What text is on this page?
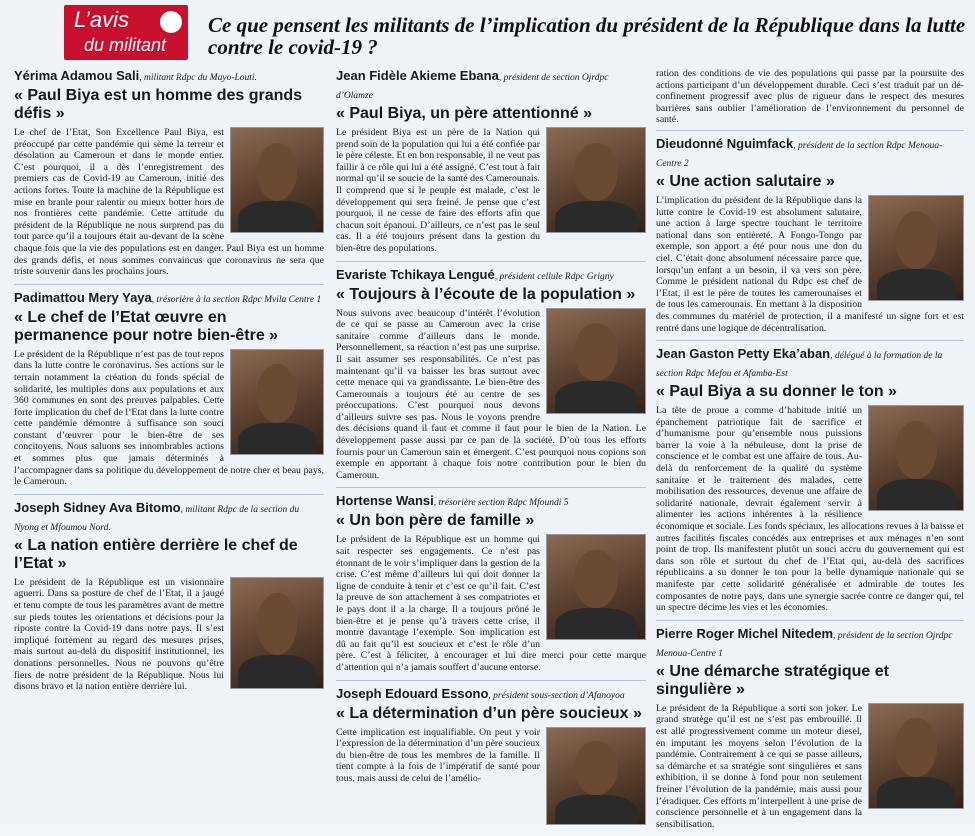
L’avis
du militant
Ce que pensent les militants de l’implication du président de la République dans la lutte contre le covid-19 ?
Yérima Adamou Sali, militant Rdpc du Mayo-Louti.
« Paul Biya est un homme des grands défis »
Le chef de l’Etat, Son Excellence Paul Biya, est préoccupé par cette pandémie qui sème la terreur et désolation au Cameroun et dans le monde entier. C’est pourquoi, il a dès l’enregistrement des premiers cas de Covid-19 au Cameroun, initié des actions fortes. Toute la machine de la République est mise en branle pour ralentir ou mieux botter hors de nos frontières cette pandémie. Cette attitude du président de la République ne nous surprend pas du tout parce qu’il a toujours était au-devant de la scène chaque fois que la vie des populations est en danger. Paul Biya est un homme des grands défis, et nous sommes convaincus que coronavirus ne sera que triste souvenir dans les prochains jours.
Padimattou Mery Yaya, trésorière à la section Rdpc Mvila Centre 1
« Le chef de l’Etat œuvre en permanence pour notre bien-être »
Le président de la République n’est pas de tout repos dans la lutte contre le coronavirus. Ses actions sur le terrain notamment la création du fonds spécial de solidarité, les multiples dons aux populations et aux 360 communes en sont des preuves palpables. Cette forte implication du chef de l’Etat dans la lutte contre cette pandémie démontre à suffisance son souci constant d’œuvrer pour le bien-être de ses concitoyens. Nous saluons ses innombrables actions et sommes plus que jamais déterminés à l’accompagner dans sa politique du développement de notre cher et beau pays, le Cameroun.
Joseph Sidney Ava Bitomo, militant Rdpc de la section du Nyong et Mfoumou Nord.
« La nation entière derrière le chef de l’Etat »
Le président de la République est un visionnaire aguerri. Dans sa posture de chef de l’Etat, il a jaugé et tenu compte de tous les paramètres avant de mettre sur pieds toutes les orientations et décisions pour la riposte contre la Covid-19 dans notre pays. Il s’est impliqué fortement au regard des mesures prises, mais surtout au-delà du dispositif institutionnel, les donations personnelles. Nous ne pouvons qu’être fiers de notre président de la République. Nous lui disons bravo et la nation entière derrière lui.
Jean Fidèle Akieme Ebana, président de section Ojrdpc d’Olamze
« Paul Biya, un père attentionné »
Le président Biya est un père de la Nation qui prend soin de la population qui lui a été confiée par le père céleste. Et en bon responsable, il ne veut pas faillir à ce rôle qui lui a été assigné. C’est tout à fait normal qu’il se soucie de la santé des Camerounais. Il comprend que si le peuple est malade, c’est le développement qui sera freiné. Je pense que c’est pourquoi, il ne cesse de faire des efforts afin que chacun soit épanoui. D’ailleurs, ce n’est pas le seul cas. Il a été toujours présent dans la gestion du bien-être des populations.
Evariste Tchikaya Lengué, président cellule Rdpc Grigny
« Toujours à l’écoute de la population »
Nous suivons avec beaucoup d’intérêt l’évolution de ce qui se passe au Cameroun avec la crise sanitaire comme d’ailleurs dans le monde. Personnellement, sa réaction n’est pas une surprise. Il sait assumer ses responsabilités. Ce n’est pas maintenant qu’il va baisser les bras surtout avec cette menace qui va grandissante. Le bien-être des Camerounais a toujours été au centre de ses préoccupations. C’est pourquoi nous devons d’ailleurs suivre ses pas. Nous le voyons prendre des décisions quand il faut et comme il faut pour le bien de la Nation. Le développement passe aussi par ce pan de la société. D’où tous les efforts fournis pour un Cameroun sain et émergent. C’est pourquoi nous copions son exemple en apportant à chaque fois notre contribution pour le bien du Cameroun.
Hortense Wansi, trésorière section Rdpc Mfoundi 5
« Un bon père de famille »
Le président de la République est un homme qui sait respecter ses engagements. Ce n’est pas étonnant de le voir s’impliquer dans la gestion de la crise. C’est même d’ailleurs lui qui doit donner la ligne de conduite à tenir et c’est ce qu’il fait. C’est la preuve de son attachement à ses compatriotes et le pays dont il a la charge. Il a toujours prôné le bien-être et je pense qu’à travers cette crise, il montre davantage l’exemple. Son implication est dû au fait qu’il est soucieux et c’est le rôle d’un père. C’est à féliciter, à encourager et lui dire merci pour cette marque d’attention qui n’a jamais souffert d’aucune entorse.
Joseph Edouard Essono, président sous-section d’Afanoyoa
« La détermination d’un père soucieux »
Cette implication est inqualifiable. On peut y voir l’expression de la détermination d’un père soucieux du bien-être de tous les membres de la famille. Il tient compte à la fois de l’impératif de santé pour tous, mais aussi de celui de l’amélio-
ration des conditions de vie des populations qui passe par la poursuite des actions participant d’un développement durable. Ceci s’est traduit par un dé-confinement progressif avec plus de rigueur dans le respect des mesures barrières sans oublier l’amélioration de l’environnement du personnel de santé.
Dieudonné Nguimfack, président de la section Rdpc Menoua-Centre 2
« Une action salutaire »
L’implication du président de la République dans la lutte contre le Covid-19 est absolument salutaire, une action à large spectre touchant le territoire national dans son entièreté. A Fongo-Tongo par exemple, son apport a été pour nous une don du ciel. C’était donc absolument nécessaire parce que, lorsqu’un enfant a un besoin, il va vers son père. Comme le président national du Rdpc est chef de l’Etat, il est le père de toutes les camerounaises et de tous les camerounais. En mettant à la disposition des communes du matériel de protection, il a manifesté un signe fort et est rentré dans une logique de décentralisation.
Jean Gaston Petty Eka’aban, délégué à la formation de la section Rdpc Mefou et Afamba-Est
« Paul Biya a su donner le ton »
La tête de proue a comme d’habitude initié un épanchement patriotique fait de sacrifice et d’humanisme pour qu’ensemble nous puissions barrer la voie à la nébuleuse, dont la prise de conscience et le combat est une affaire de tous. Au-delà du renforcement de la qualité du système sanitaire et le traitement des malades, cette mobilisation des ressources, devenue une affaire de solidarité nationale, devrait également servir à alimenter les actions inhérentes à la résilience économique et sociale. Les fonds spéciaux, les allocations revues à la baisse et autres facilités fiscales concédés aux entreprises et aux ménages n’en sont point de trop. Ils manifestent plutôt un souci accru du gouvernement qui est dans son rôle et surtout du chef de l’Etat qui, au-delà des sacrifices républicains a su donner le ton pour la belle dynamique nationale qui se manifeste par cette solidarité généralisée et admirable de toutes les composantes de notre pays, dans une synergie sacrée contre ce danger qui, tel un spectre décime les vies et les économies.
Pierre Roger Michel Nitedem, président de la section Ojrdpc Menoua-Centre 1
« Une démarche stratégique et singulière »
Le président de la République a sorti son joker. Le grand stratège qu’il est ne s’est pas embrouillé. Il est allé progressivement comme un moteur diesel, en imputant les moyens selon l’évolution de la pandémie. Contrairement à ce qui se passe ailleurs, sa démarche et sa stratégie sont singulières et sans exhibition, il se donne à fond pour non seulement freiner l’évolution de la pandémie, mais aussi pour l’éradiquer. Ces efforts m’interpellent à une prise de conscience personnelle et à un engagement dans la sensibilisation.
